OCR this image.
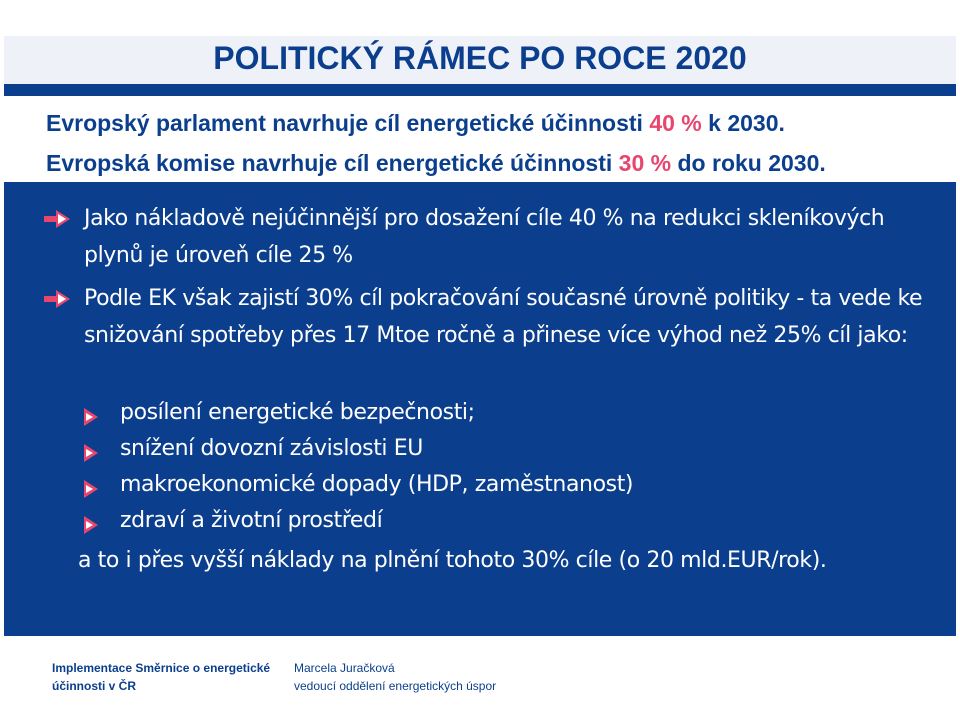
POLITICKÝ RÁMEC PO ROCE 2020
Evropský parlament navrhuje cíl energetické účinnosti 40 % k 2030.
Evropská komise navrhuje cíl energetické účinnosti 30 % do roku 2030.
Jako nákladově nejúčinnější pro dosažení cíle 40 % na redukci skleníkových plynů je úroveň cíle 25 %
Podle EK však zajistí 30% cíl pokračování současné úrovně politiky - ta vede ke snižování spotřeby přes 17 Mtoe ročně a přinese více výhod než 25% cíl jako:
posílení energetické bezpečnosti;
snížení dovozní závislosti EU
makroekonomické dopady (HDP, zaměstnanost)
zdraví a životní prostředí
a to i přes vyšší náklady na plnění tohoto 30% cíle (o 20 mld.EUR/rok).
Implementace Směrnice o energetické
účinnosti v ČR
Marcela Juračková
vedoucí oddělení energetických úspor
